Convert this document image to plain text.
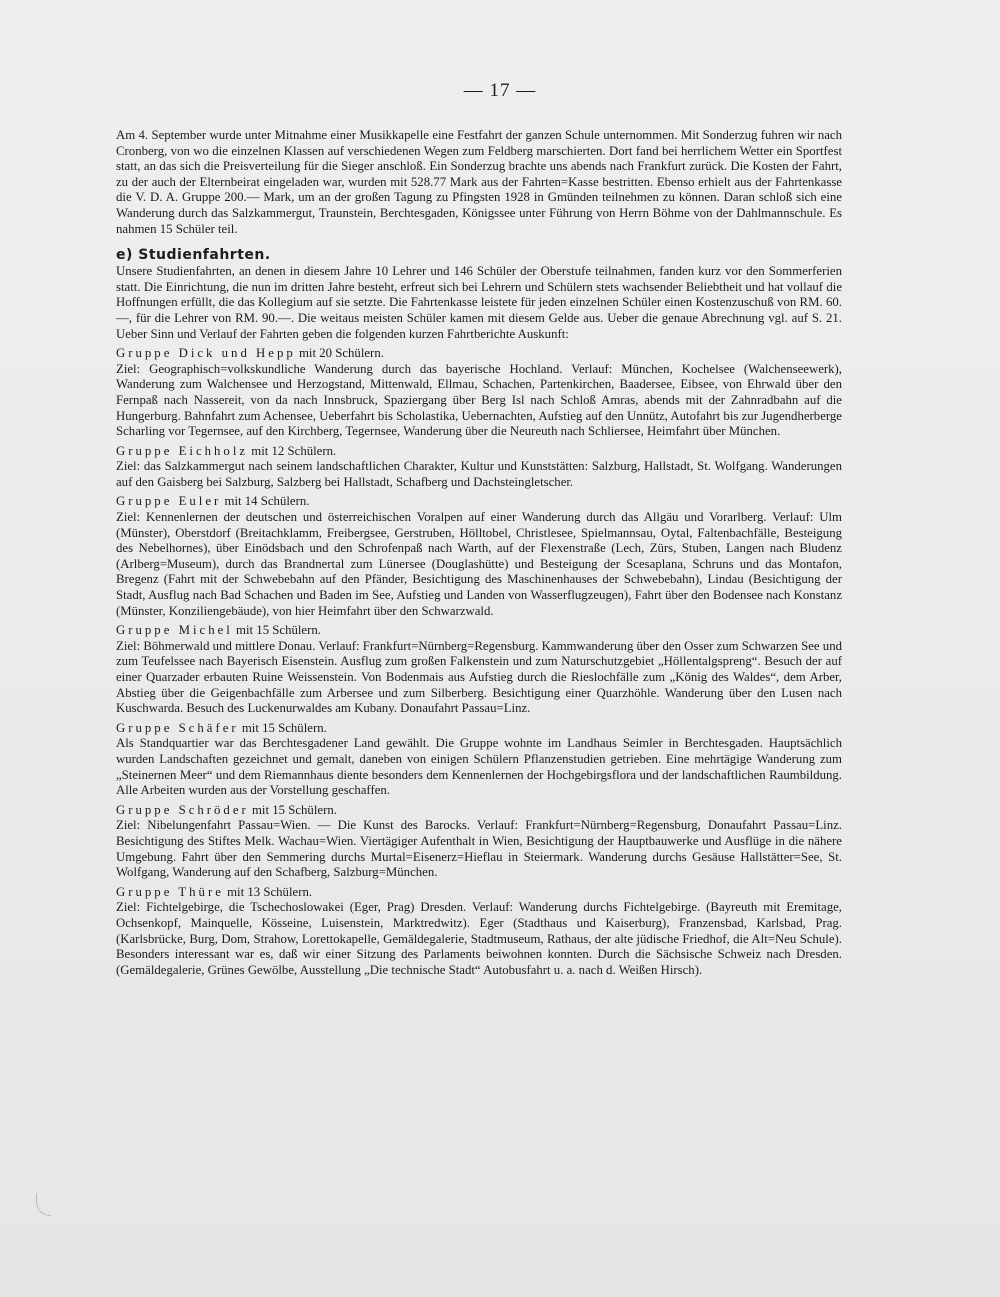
— 17 —

Am 4. September wurde unter Mitnahme einer Musikkapelle eine Festfahrt der ganzen Schule unternommen. Mit Sonderzug fuhren wir nach Cronberg, von wo die einzelnen Klassen auf verschiedenen Wegen zum Feldberg marschierten. Dort fand bei herrlichem Wetter ein Sportfest statt, an das sich die Preisverteilung für die Sieger anschloß. Ein Sonderzug brachte uns abends nach Frankfurt zurück. Die Kosten der Fahrt, zu der auch der Elternbeirat eingeladen war, wurden mit 528.77 Mark aus der Fahrten=Kasse bestritten. Ebenso erhielt aus der Fahrtenkasse die V. D. A. Gruppe 200.— Mark, um an der großen Tagung zu Pfingsten 1928 in Gmünden teilnehmen zu können. Daran schloß sich eine Wanderung durch das Salzkammergut, Traunstein, Berchtesgaden, Königssee unter Führung von Herrn Böhme von der Dahlmannschule. Es nahmen 15 Schüler teil.

e) Studienfahrten.

Unsere Studienfahrten, an denen in diesem Jahre 10 Lehrer und 146 Schüler der Oberstufe teilnahmen, fanden kurz vor den Sommerferien statt. Die Einrichtung, die nun im dritten Jahre besteht, erfreut sich bei Lehrern und Schülern stets wachsender Beliebtheit und hat vollauf die Hoffnungen erfüllt, die das Kollegium auf sie setzte. Die Fahrtenkasse leistete für jeden einzelnen Schüler einen Kostenzuschuß von RM. 60.—, für die Lehrer von RM. 90.—. Die weitaus meisten Schüler kamen mit diesem Gelde aus. Ueber die genaue Abrechnung vgl. auf S. 21. Ueber Sinn und Verlauf der Fahrten geben die folgenden kurzen Fahrtberichte Auskunft:

Gruppe Dick und Hepp mit 20 Schülern.

Ziel: Geographisch=volkskundliche Wanderung durch das bayerische Hochland. Verlauf: München, Kochelsee (Walchenseewerk), Wanderung zum Walchensee und Herzogstand, Mittenwald, Ellmau, Schachen, Partenkirchen, Baadersee, Eibsee, von Ehrwald über den Fernpaß nach Nassereit, von da nach Innsbruck, Spaziergang über Berg Isl nach Schloß Amras, abends mit der Zahnradbahn auf die Hungerburg. Bahnfahrt zum Achensee, Ueberfahrt bis Scholastika, Uebernachten, Aufstieg auf den Unnütz, Autofahrt bis zur Jugendherberge Scharling vor Tegernsee, auf den Kirchberg, Tegernsee, Wanderung über die Neureuth nach Schliersee, Heimfahrt über München.

Gruppe Eichholz mit 12 Schülern.

Ziel: das Salzkammergut nach seinem landschaftlichen Charakter, Kultur und Kunststätten: Salzburg, Hallstadt, St. Wolfgang. Wanderungen auf den Gaisberg bei Salzburg, Salzberg bei Hallstadt, Schafberg und Dachsteingletscher.

Gruppe Euler mit 14 Schülern.

Ziel: Kennenlernen der deutschen und österreichischen Voralpen auf einer Wanderung durch das Allgäu und Vorarlberg. Verlauf: Ulm (Münster), Oberstdorf (Breitachklamm, Freibergsee, Gerstruben, Hölltobel, Christlesee, Spielmannsau, Oytal, Faltenbachfälle, Besteigung des Nebelhornes), über Einödsbach und den Schrofenpaß nach Warth, auf der Flexenstraße (Lech, Zürs, Stuben, Langen nach Bludenz (Arlberg=Museum), durch das Brandnertal zum Lünersee (Douglashütte) und Besteigung der Scesaplana, Schruns und das Montafon, Bregenz (Fahrt mit der Schwebebahn auf den Pfänder, Besichtigung des Maschinenhauses der Schwebebahn), Lindau (Besichtigung der Stadt, Ausflug nach Bad Schachen und Baden im See, Aufstieg und Landen von Wasserflugzeugen), Fahrt über den Bodensee nach Konstanz (Münster, Konziliengebäude), von hier Heimfahrt über den Schwarzwald.

Gruppe Michel mit 15 Schülern.

Ziel: Böhmerwald und mittlere Donau. Verlauf: Frankfurt=Nürnberg=Regensburg. Kammwanderung über den Osser zum Schwarzen See und zum Teufelssee nach Bayerisch Eisenstein. Ausflug zum großen Falkenstein und zum Naturschutzgebiet „Höllentalgspreng“. Besuch der auf einer Quarzader erbauten Ruine Weissenstein. Von Bodenmais aus Aufstieg durch die Rieslochfälle zum „König des Waldes“, dem Arber, Abstieg über die Geigenbachfälle zum Arbersee und zum Silberberg. Besichtigung einer Quarzhöhle. Wanderung über den Lusen nach Kuschwarda. Besuch des Luckenurwaldes am Kubany. Donaufahrt Passau=Linz.

Gruppe Schäfer mit 15 Schülern.

Als Standquartier war das Berchtesgadener Land gewählt. Die Gruppe wohnte im Landhaus Seimler in Berchtesgaden. Hauptsächlich wurden Landschaften gezeichnet und gemalt, daneben von einigen Schülern Pflanzenstudien getrieben. Eine mehrtägige Wanderung zum „Steinernen Meer“ und dem Riemannhaus diente besonders dem Kennenlernen der Hochgebirgsflora und der landschaftlichen Raumbildung. Alle Arbeiten wurden aus der Vorstellung geschaffen.

Gruppe Schröder mit 15 Schülern.

Ziel: Nibelungenfahrt Passau=Wien. — Die Kunst des Barocks. Verlauf: Frankfurt=Nürnberg=Regensburg, Donaufahrt Passau=Linz. Besichtigung des Stiftes Melk. Wachau=Wien. Viertägiger Aufenthalt in Wien, Besichtigung der Hauptbauwerke und Ausflüge in die nähere Umgebung. Fahrt über den Semmering durchs Murtal=Eisenerz=Hieflau in Steiermark. Wanderung durchs Gesäuse Hallstätter=See, St. Wolfgang, Wanderung auf den Schafberg, Salzburg=München.

Gruppe Thüre mit 13 Schülern.

Ziel: Fichtelgebirge, die Tschechoslowakei (Eger, Prag) Dresden. Verlauf: Wanderung durchs Fichtelgebirge. (Bayreuth mit Eremitage, Ochsenkopf, Mainquelle, Kösseine, Luisenstein, Marktredwitz). Eger (Stadthaus und Kaiserburg), Franzensbad, Karlsbad, Prag. (Karlsbrücke, Burg, Dom, Strahow, Lorettokapelle, Gemäldegalerie, Stadtmuseum, Rathaus, der alte jüdische Friedhof, die Alt=Neu Schule). Besonders interessant war es, daß wir einer Sitzung des Parlaments beiwohnen konnten. Durch die Sächsische Schweiz nach Dresden. (Gemäldegalerie, Grünes Gewölbe, Ausstellung „Die technische Stadt“ Autobusfahrt u. a. nach d. Weißen Hirsch).
